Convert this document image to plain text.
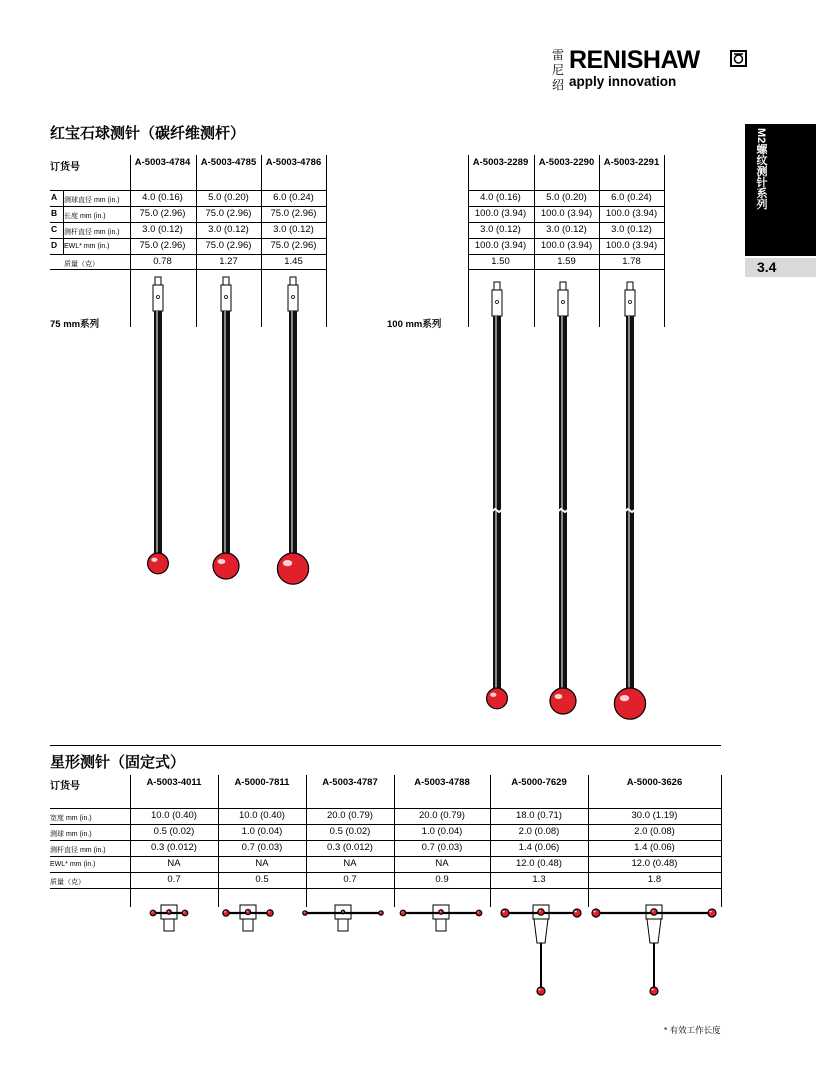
雷
尼
绍
RENISHAW
apply innovation
M2螺纹测针系列
3.4
红宝石球测针（碳纤维测杆）
订货号
A
B
C
D
测球直径 mm (in.)
长度 mm (in.)
测杆直径 mm (in.)
EWL* mm (in.)
质量（克）
75 mm系列	100 mm系列
星形测针（固定式）
订货号
宽度 mm (in.)
测球 mm (in.)
测杆直径 mm (in.)
EWL* mm (in.)
质量（克）
* 有效工作长度
A-5003-4784
4.0 (0.16)
75.0 (2.96)
3.0 (0.12)
75.0 (2.96)
0.78
A-5003-4785
5.0 (0.20)
75.0 (2.96)
3.0 (0.12)
75.0 (2.96)
1.27
A-5003-4786
6.0 (0.24)
75.0 (2.96)
3.0 (0.12)
75.0 (2.96)
1.45
A-5003-2289
4.0 (0.16)
100.0 (3.94)
3.0 (0.12)
100.0 (3.94)
1.50
A-5003-2290
5.0 (0.20)
100.0 (3.94)
3.0 (0.12)
100.0 (3.94)
1.59
A-5003-2291
6.0 (0.24)
100.0 (3.94)
3.0 (0.12)
100.0 (3.94)
1.78
A-5003-4011
10.0 (0.40)
0.5 (0.02)
0.3 (0.012)
NA
0.7
A-5000-7811
10.0 (0.40)
1.0 (0.04)
0.7 (0.03)
NA
0.5
A-5003-4787
20.0 (0.79)
0.5 (0.02)
0.3 (0.012)
NA
0.7
A-5003-4788
20.0 (0.79)
1.0 (0.04)
0.7 (0.03)
NA
0.9
A-5000-7629
18.0 (0.71)
2.0 (0.08)
1.4 (0.06)
12.0 (0.48)
1.3
A-5000-3626
30.0 (1.19)
2.0 (0.08)
1.4 (0.06)
12.0 (0.48)
1.8
